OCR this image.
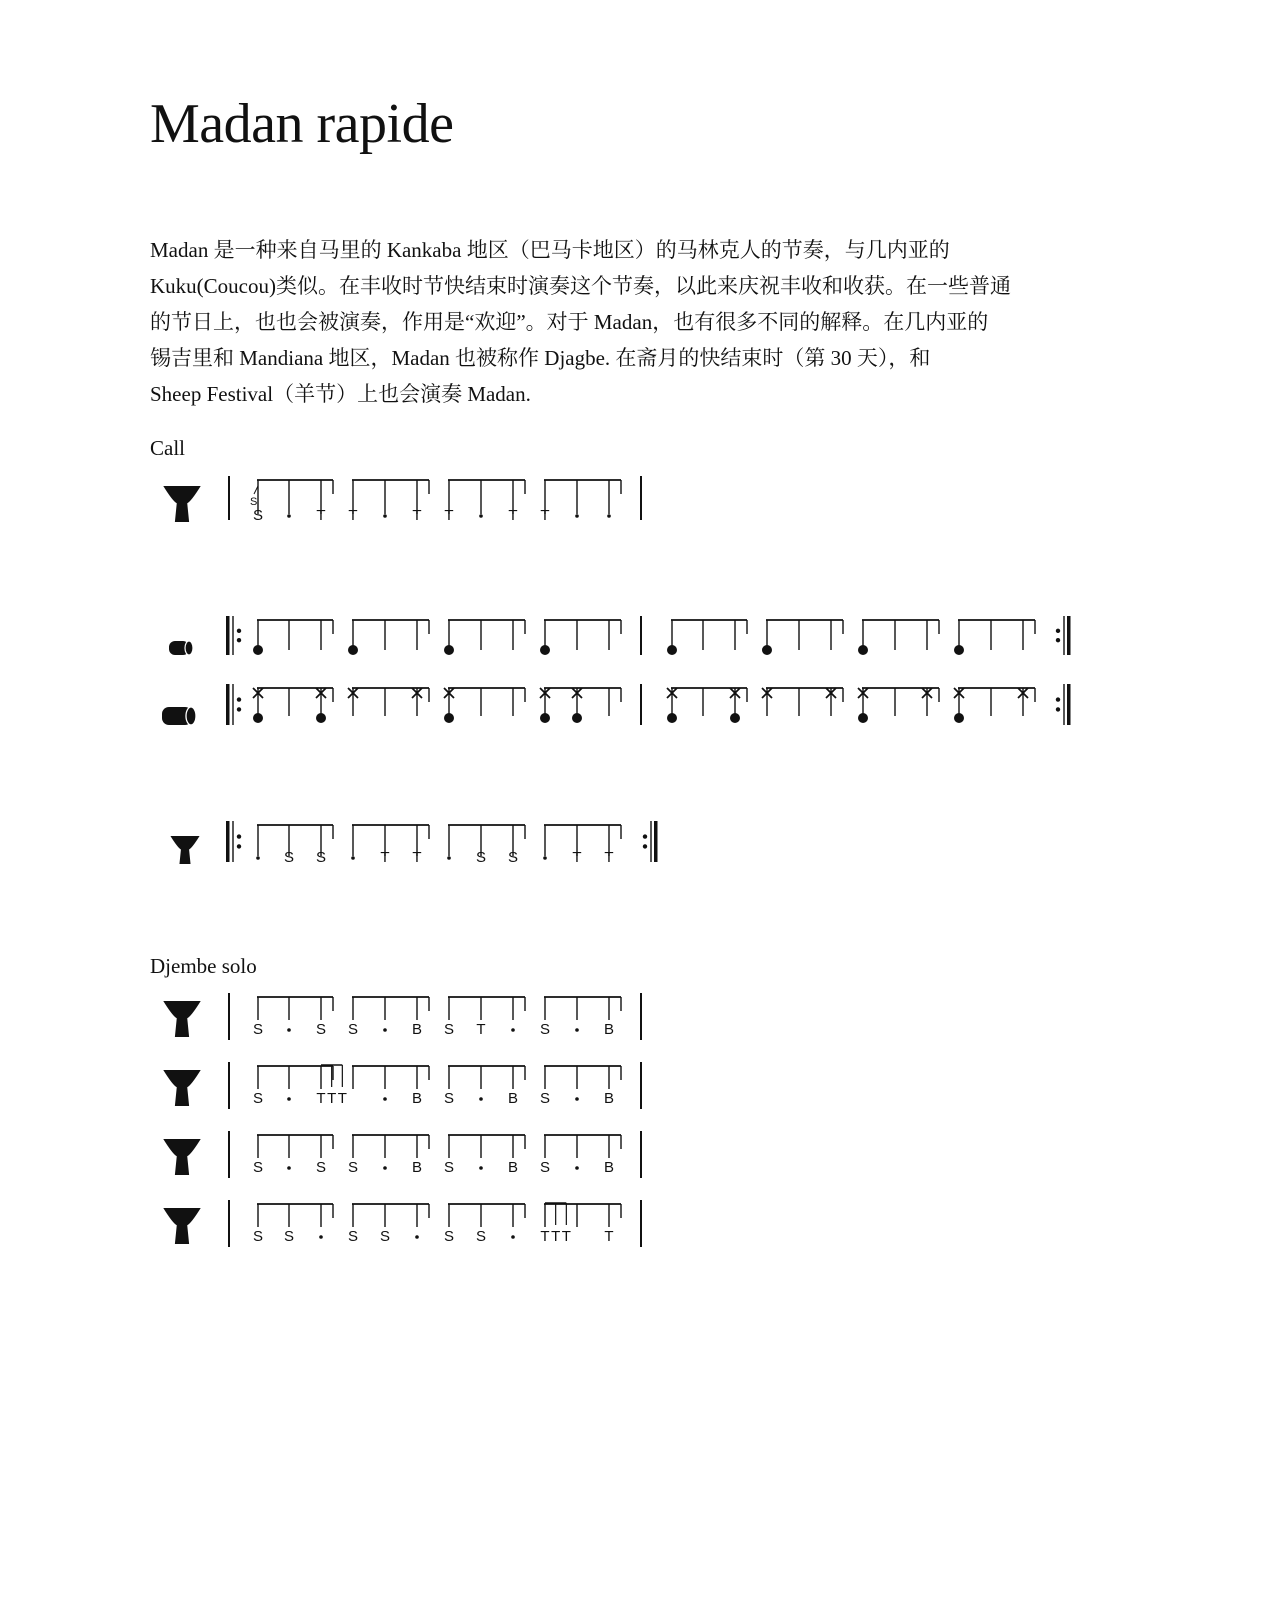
Madan rapide

Madan 是一种来自马里的 Kankaba 地区（巴马卡地区）的马林克人的节奏，与几内亚的

Kuku(Coucou)类似。在丰收时节快结束时演奏这个节奏，以此来庆祝丰收和收获。在一些普通

的节日上，也也会被演奏，作用是“欢迎”。对于 Madan，也有很多不同的解释。在几内亚的

锡吉里和 Mandiana 地区，Madan 也被称作 Djagbe. 在斋月的快结束时（第 30 天），和

Sheep Festival（羊节）上也会演奏 Madan.

Call
Djembe solo
S
S	T T	T T	T T
S S	T T	S S	T T
S	S S	B S T	S	B
S	T T T	B S	B S	B
S	S S	B S	B S	B
S S	S S	S S	T T T T
